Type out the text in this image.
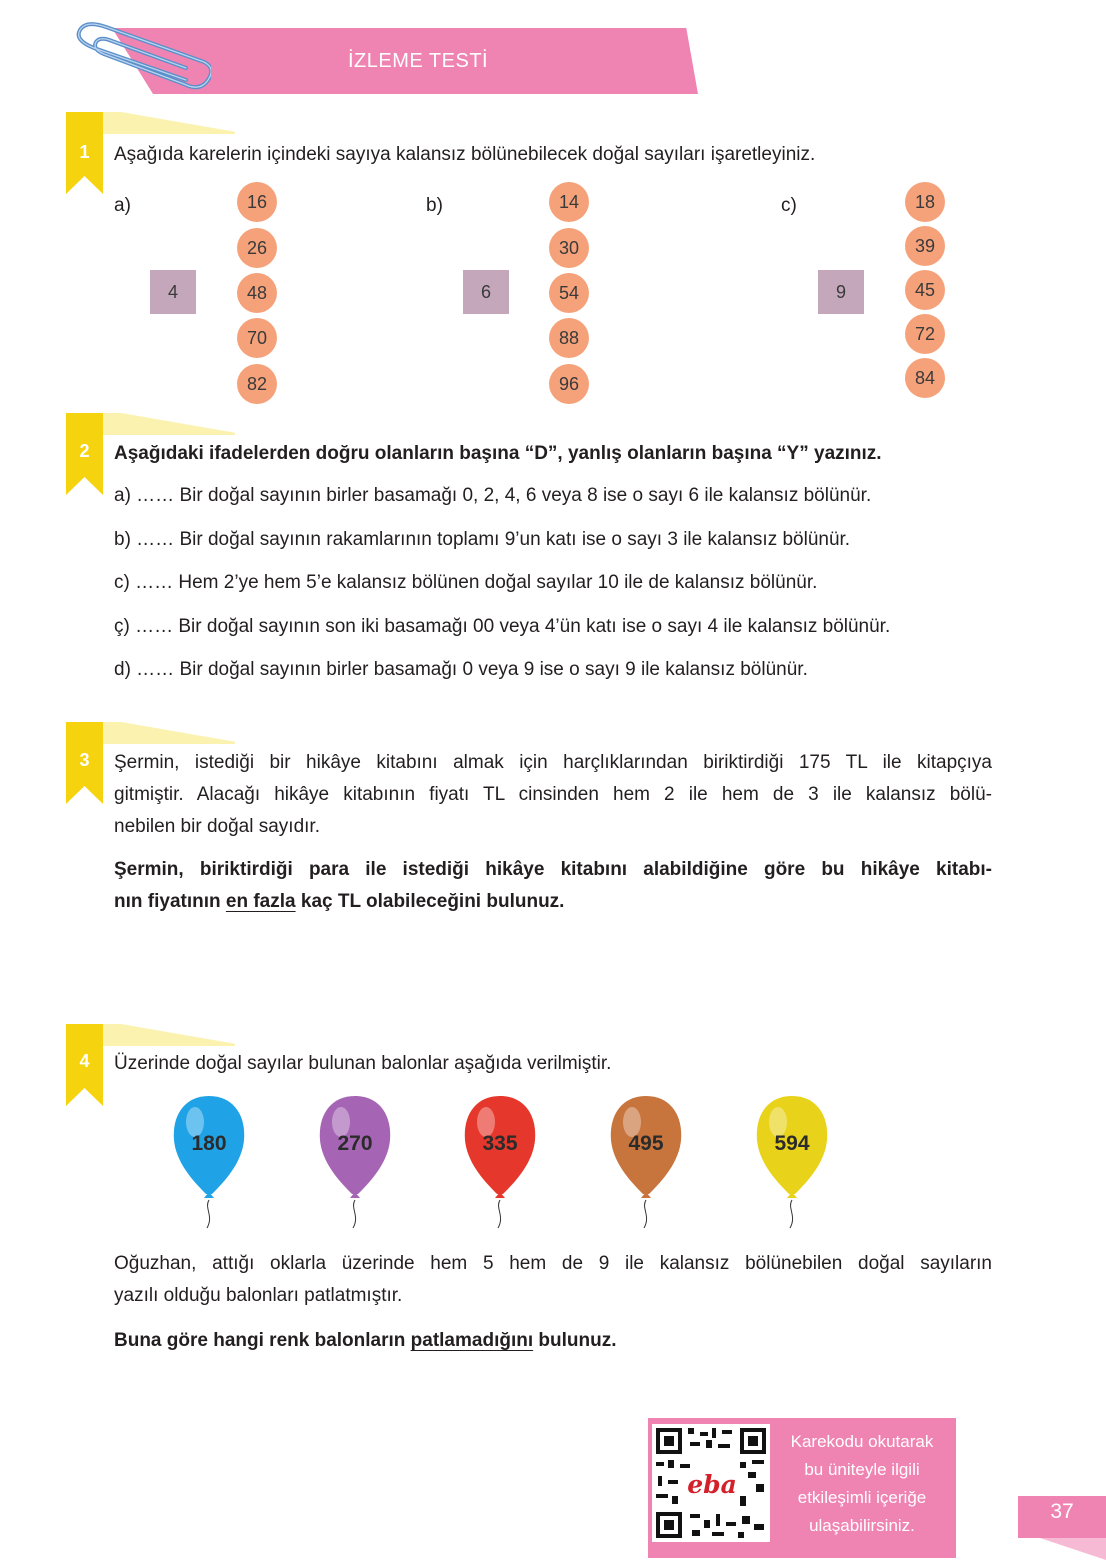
İZLEME TESTİ
1	Aşağıda karelerin içindeki sayıya kalansız bölünebilecek doğal sayıları işaretleyiniz.
a)
4
16
26
48
70
82
b)
6
14
30
54
88
96
c)
9
18
39
45
72
84
2	Aşağıdaki ifadelerden doğru olanların başına “D”, yanlış olanların başına “Y” yazınız.
a) …… Bir doğal sayının birler basamağı 0, 2, 4, 6 veya 8 ise o sayı 6 ile kalansız bölünür.
b) …… Bir doğal sayının rakamlarının toplamı 9’un katı ise o sayı 3 ile kalansız bölünür.
c) …… Hem 2’ye hem 5’e kalansız bölünen doğal sayılar 10 ile de kalansız bölünür.
ç) …… Bir doğal sayının son iki basamağı 00 veya 4’ün katı ise o sayı 4 ile kalansız bölünür.
d) …… Bir doğal sayının birler basamağı 0 veya 9 ise o sayı 9 ile kalansız bölünür.
3	Şermin, istediği bir hikâye kitabını almak için harçlıklarından biriktirdiği 175 TL ile kitapçıya
gitmiştir. Alacağı hikâye kitabının fiyatı TL cinsinden hem 2 ile hem de 3 ile kalansız bölü-
nebilen bir doğal sayıdır.
Şermin, biriktirdiği para ile istediği hikâye kitabını alabildiğine göre bu hikâye kitabı-
nın fiyatının en fazla kaç TL olabileceğini bulunuz.
4	Üzerinde doğal sayılar bulunan balonlar aşağıda verilmiştir.
180	270	335	495	594
Oğuzhan, attığı oklarla üzerinde hem 5 hem de 9 ile kalansız bölünebilen doğal sayıların
yazılı olduğu balonları patlatmıştır.
Buna göre hangi renk balonların patlamadığını bulunuz.
eba
Karekodu okutarak
bu üniteyle ilgili
etkileşimli içeriğe
ulaşabilirsiniz.
37
